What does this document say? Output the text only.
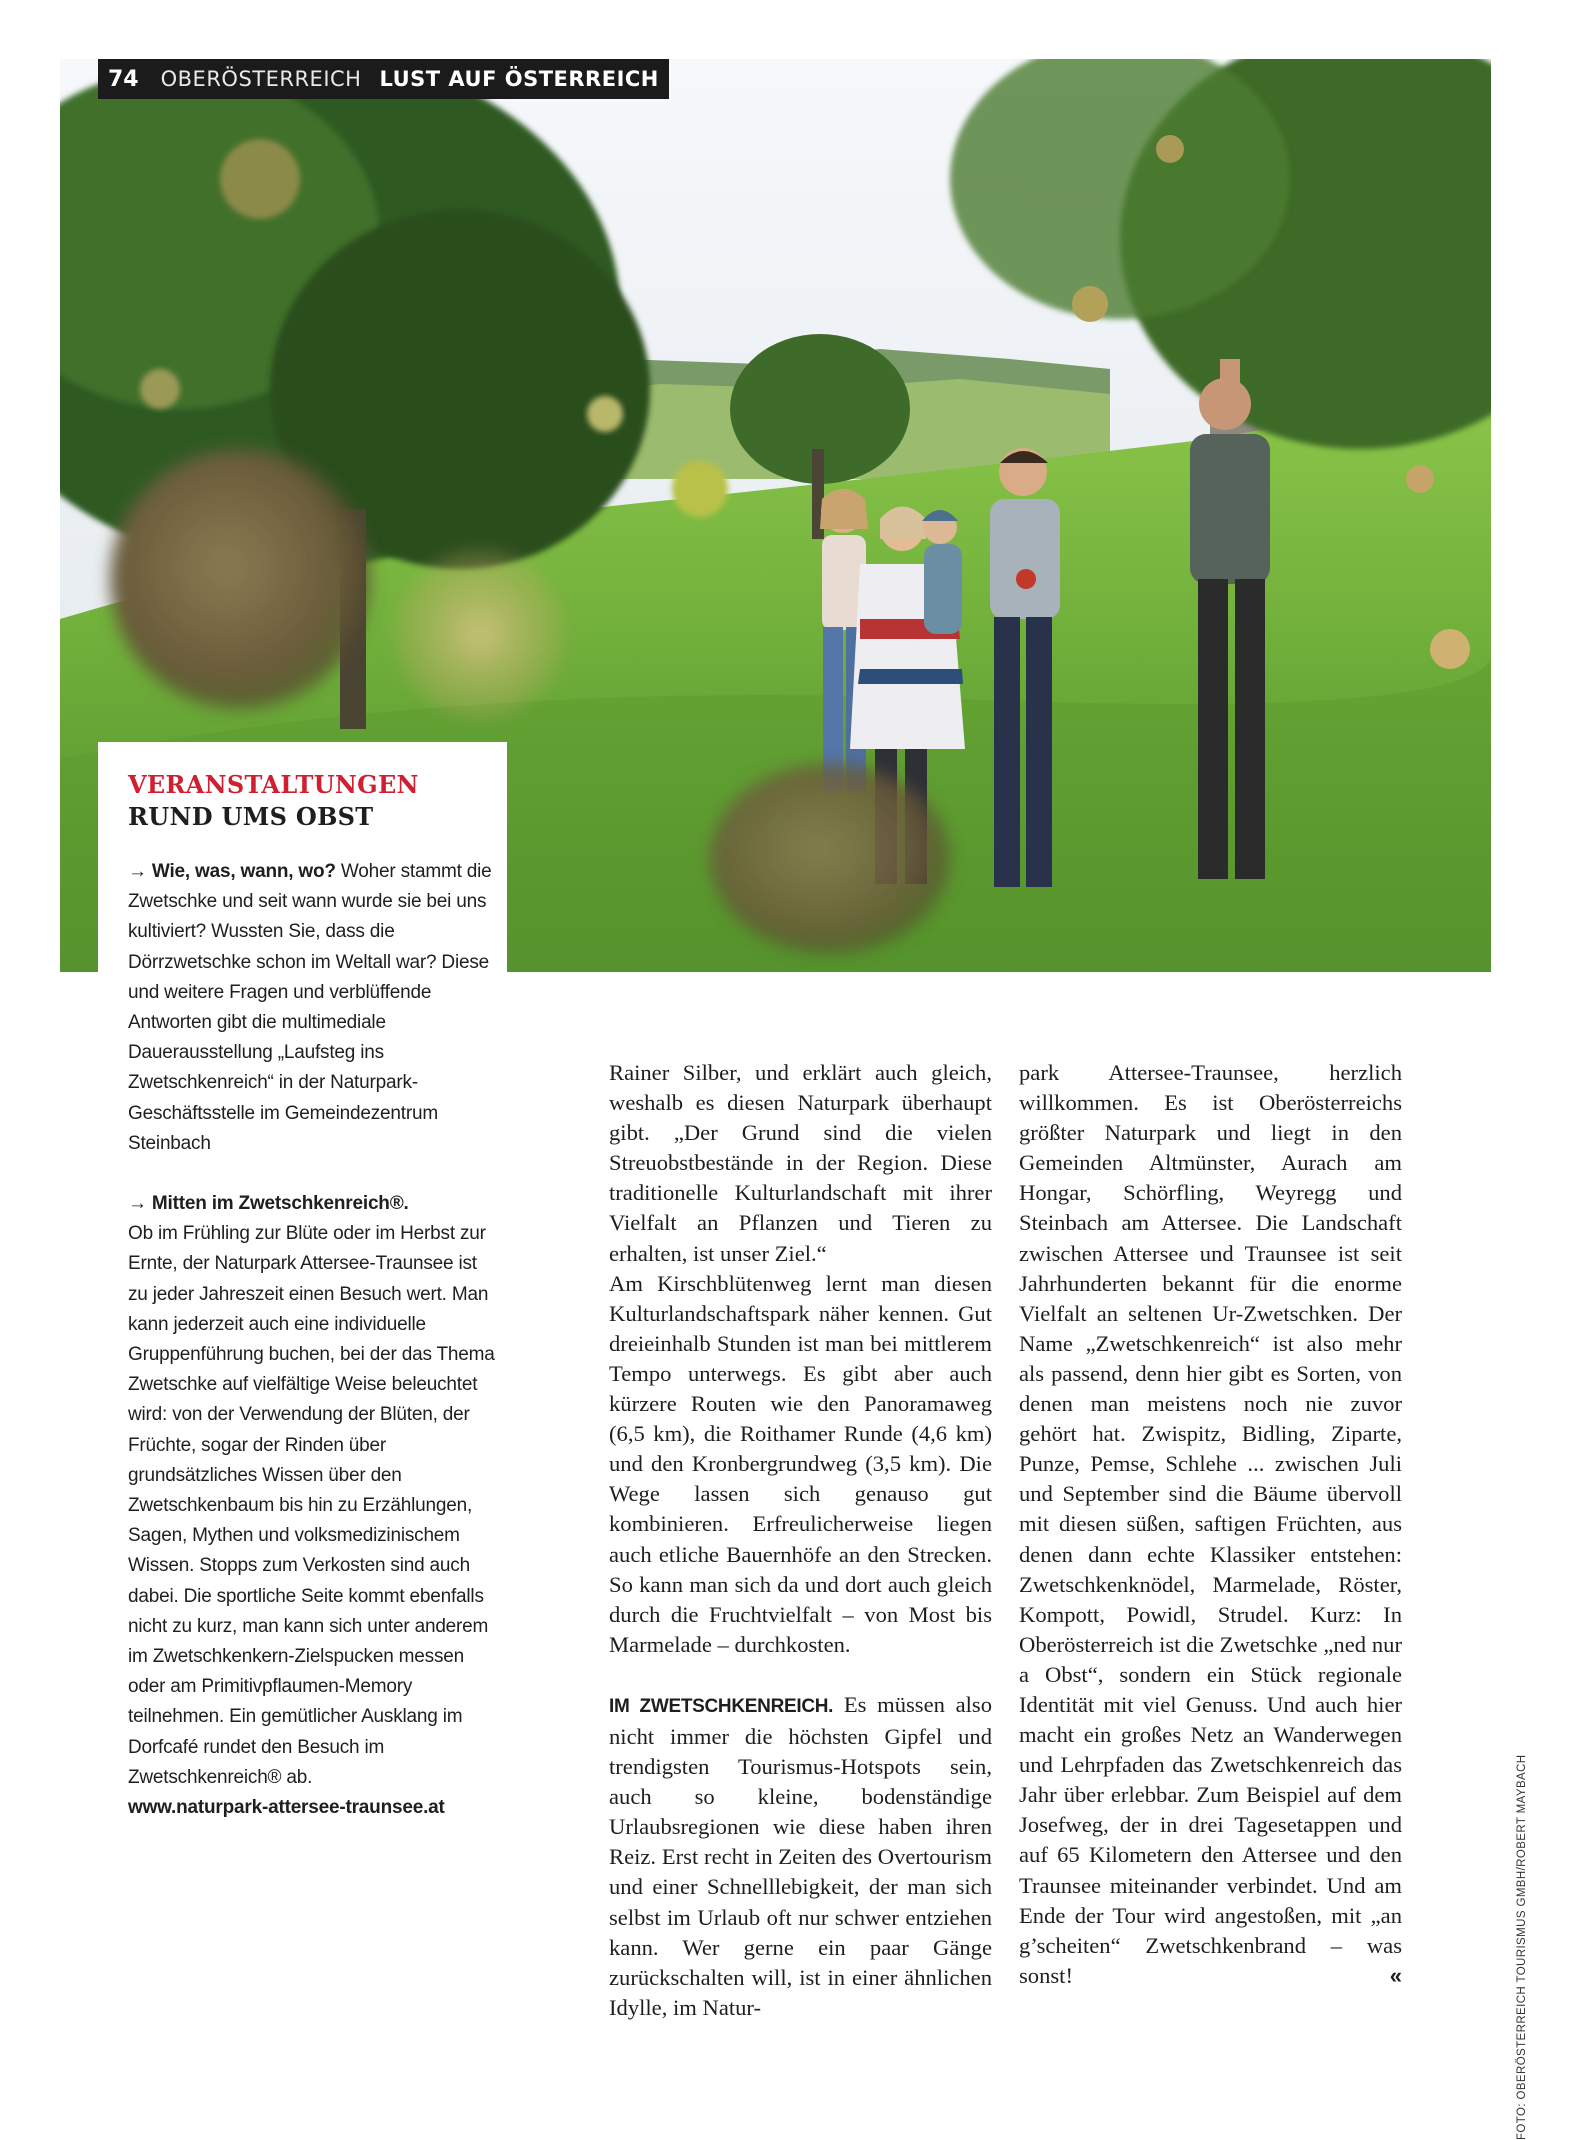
74 OBERÖSTERREICH LUST AUF ÖSTERREICH
VERANSTALTUNGEN
RUND UMS OBST

→ Wie, was, wann, wo? Woher stammt die Zwetschke und seit wann wurde sie bei uns kultiviert? Wussten Sie, dass die Dörrzwetschke schon im Weltall war? Diese und weitere Fragen und verblüffende Antworten gibt die multimediale Dauerausstellung „Laufsteg ins Zwetschkenreich“ in der Naturpark-Geschäftsstelle im Gemeindezentrum Steinbach

→ Mitten im Zwetschkenreich®.
Ob im Frühling zur Blüte oder im Herbst zur Ernte, der Naturpark Attersee-Traunsee ist zu jeder Jahreszeit einen Besuch wert. Man kann jederzeit auch eine individuelle Gruppenführung buchen, bei der das Thema Zwetschke auf vielfältige Weise beleuchtet wird: von der Verwendung der Blüten, der Früchte, sogar der Rinden über grundsätzliches Wissen über den Zwetschkenbaum bis hin zu Erzählungen, Sagen, Mythen und volksmedizinischem Wissen. Stopps zum Verkosten sind auch dabei. Die sportliche Seite kommt ebenfalls nicht zu kurz, man kann sich unter anderem im Zwetschkenkern-Zielspucken messen oder am Primitivpflaumen-Memory teilnehmen. Ein gemütlicher Ausklang im Dorfcafé rundet den Besuch im Zwetschkenreich® ab.
www.naturpark-attersee-traunsee.at

Rainer Silber, und erklärt auch gleich, weshalb es diesen Naturpark überhaupt gibt. „Der Grund sind die vielen Streuobstbestände in der Region. Diese traditionelle Kulturlandschaft mit ihrer Vielfalt an Pflanzen und Tieren zu erhalten, ist unser Ziel.“

Am Kirschblütenweg lernt man diesen Kulturlandschaftspark näher kennen. Gut dreieinhalb Stunden ist man bei mittlerem Tempo unterwegs. Es gibt aber auch kürzere Routen wie den Panoramaweg (6,5 km), die Roithamer Runde (4,6 km) und den Kronbergrundweg (3,5 km). Die Wege lassen sich genauso gut kombinieren. Erfreulicherweise liegen auch etliche Bauernhöfe an den Strecken. So kann man sich da und dort auch gleich durch die Fruchtvielfalt – von Most bis Marmelade – durchkosten.

IM ZWETSCHKENREICH. Es müssen also nicht immer die höchsten Gipfel und trendigsten Tourismus-Hotspots sein, auch so kleine, bodenständige Urlaubsregionen wie diese haben ihren Reiz. Erst recht in Zeiten des Overtourism und einer Schnelllebigkeit, der man sich selbst im Urlaub oft nur schwer entziehen kann. Wer gerne ein paar Gänge zurückschalten will, ist in einer ähnlichen Idylle, im Natur-

park Attersee-Traunsee, herzlich willkommen. Es ist Oberösterreichs größter Naturpark und liegt in den Gemeinden Altmünster, Aurach am Hongar, Schörfling, Weyregg und Steinbach am Attersee. Die Landschaft zwischen Attersee und Traunsee ist seit Jahrhunderten bekannt für die enorme Vielfalt an seltenen Ur-Zwetschken. Der Name „Zwetschkenreich“ ist also mehr als passend, denn hier gibt es Sorten, von denen man meistens noch nie zuvor gehört hat. Zwispitz, Bidling, Ziparte, Punze, Pemse, Schlehe ... zwischen Juli und September sind die Bäume übervoll mit diesen süßen, saftigen Früchten, aus denen dann echte Klassiker entstehen: Zwetschkenknödel, Marmelade, Röster, Kompott, Powidl, Strudel. Kurz: In Oberösterreich ist die Zwetschke „ned nur a Obst“, sondern ein Stück regionale Identität mit viel Genuss. Und auch hier macht ein großes Netz an Wanderwegen und Lehrpfaden das Zwetschkenreich das Jahr über erlebbar. Zum Beispiel auf dem Josefweg, der in drei Tagesetappen und auf 65 Kilometern den Attersee und den Traunsee miteinander verbindet. Und am Ende der Tour wird angestoßen, mit „an g’scheiten“ Zwetschkenbrand – was sonst!	«	FOTO: OBERÖSTERREICH TOURISMUS GMBH/ROBERT MAYBACH
